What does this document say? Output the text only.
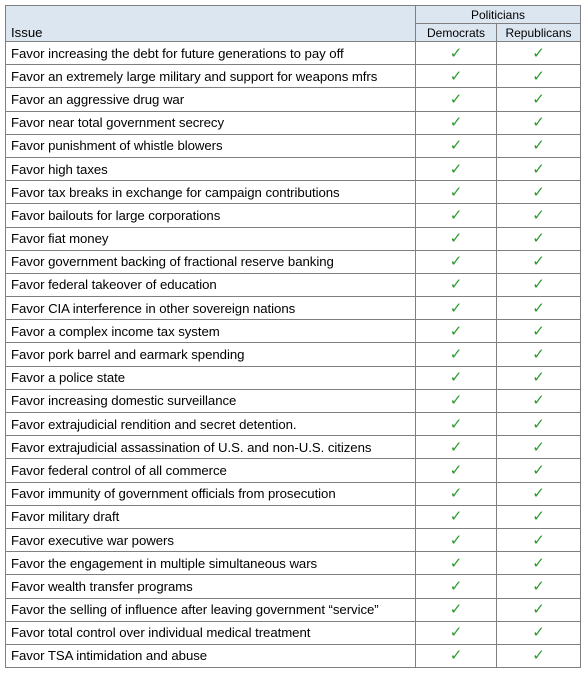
Issue	Politicians	
	Democrats	Republicans
Favor increasing the debt for future generations to pay off	✓	✓
Favor an extremely large military and support for weapons mfrs	✓	✓
Favor an aggressive drug war	✓	✓
Favor near total government secrecy	✓	✓
Favor punishment of whistle blowers	✓	✓
Favor high taxes	✓	✓
Favor tax breaks in exchange for campaign contributions	✓	✓
Favor bailouts for large corporations	✓	✓
Favor fiat money	✓	✓
Favor government backing of fractional reserve banking	✓	✓
Favor federal takeover of education	✓	✓
Favor CIA interference in other sovereign nations	✓	✓
Favor a complex income tax system	✓	✓
Favor pork barrel and earmark spending	✓	✓
Favor a police state	✓	✓
Favor increasing domestic surveillance	✓	✓
Favor extrajudicial rendition and secret detention.	✓	✓
Favor extrajudicial assassination of U.S. and non-U.S. citizens	✓	✓
Favor federal control of all commerce	✓	✓
Favor immunity of government officials from prosecution	✓	✓
Favor military draft	✓	✓
Favor executive war powers	✓	✓
Favor the engagement in multiple simultaneous wars	✓	✓
Favor wealth transfer programs	✓	✓
Favor the selling of influence after leaving government “service”	✓	✓
Favor total control over individual medical treatment	✓	✓
Favor TSA intimidation and abuse	✓	✓
